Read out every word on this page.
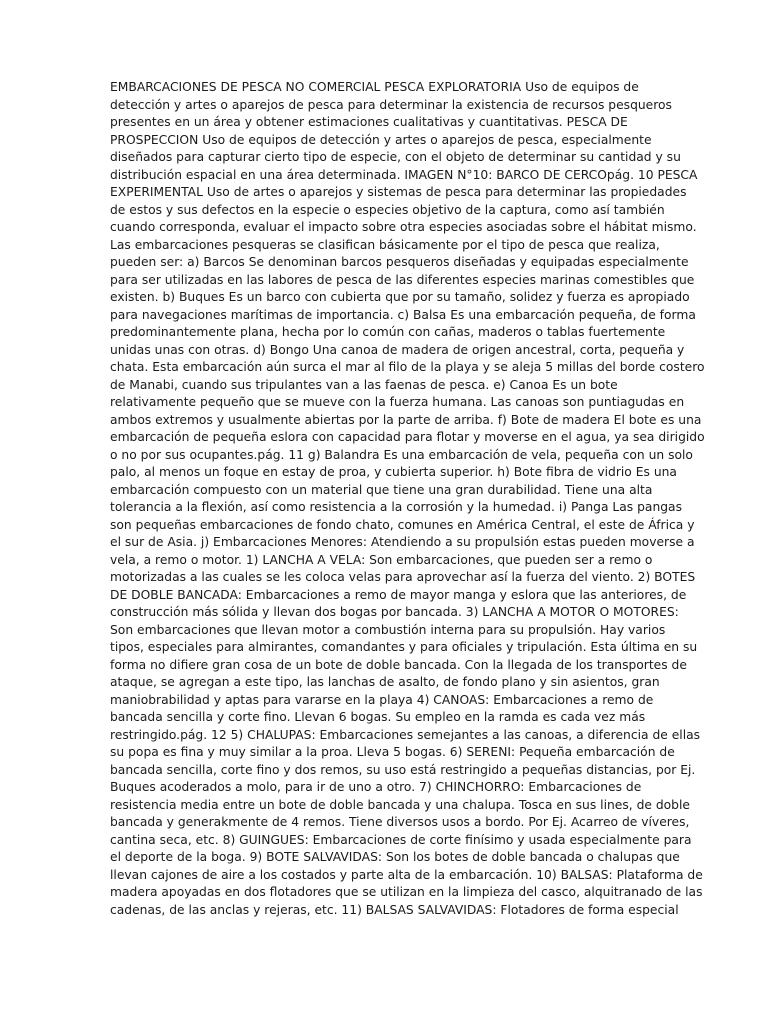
EMBARCACIONES DE PESCA NO COMERCIAL PESCA EXPLORATORIA Uso de equipos de
detección y artes o aparejos de pesca para determinar la existencia de recursos pesqueros
presentes en un área y obtener estimaciones cualitativas y cuantitativas. PESCA DE
PROSPECCION Uso de equipos de detección y artes o aparejos de pesca, especialmente
diseñados para capturar cierto tipo de especie, con el objeto de determinar su cantidad y su
distribución espacial en una área determinada. IMAGEN N°10: BARCO DE CERCOpág. 10 PESCA
EXPERIMENTAL Uso de artes o aparejos y sistemas de pesca para determinar las propiedades
de estos y sus defectos en la especie o especies objetivo de la captura, como así también
cuando corresponda, evaluar el impacto sobre otra especies asociadas sobre el hábitat mismo.
Las embarcaciones pesqueras se clasifican básicamente por el tipo de pesca que realiza,
pueden ser: a) Barcos Se denominan barcos pesqueros diseñadas y equipadas especialmente
para ser utilizadas en las labores de pesca de las diferentes especies marinas comestibles que
existen. b) Buques Es un barco con cubierta que por su tamaño, solidez y fuerza es apropiado
para navegaciones marítimas de importancia. c) Balsa Es una embarcación pequeña, de forma
predominantemente plana, hecha por lo común con cañas, maderos o tablas fuertemente
unidas unas con otras. d) Bongo Una canoa de madera de origen ancestral, corta, pequeña y
chata. Esta embarcación aún surca el mar al filo de la playa y se aleja 5 millas del borde costero
de Manabi, cuando sus tripulantes van a las faenas de pesca. e) Canoa Es un bote
relativamente pequeño que se mueve con la fuerza humana. Las canoas son puntiagudas en
ambos extremos y usualmente abiertas por la parte de arriba. f) Bote de madera El bote es una
embarcación de pequeña eslora con capacidad para flotar y moverse en el agua, ya sea dirigido
o no por sus ocupantes.pág. 11 g) Balandra Es una embarcación de vela, pequeña con un solo
palo, al menos un foque en estay de proa, y cubierta superior. h) Bote fibra de vidrio Es una
embarcación compuesto con un material que tiene una gran durabilidad. Tiene una alta
tolerancia a la flexión, así como resistencia a la corrosión y la humedad. i) Panga Las pangas
son pequeñas embarcaciones de fondo chato, comunes en América Central, el este de África y
el sur de Asia. j) Embarcaciones Menores: Atendiendo a su propulsión estas pueden moverse a
vela, a remo o motor. 1) LANCHA A VELA: Son embarcaciones, que pueden ser a remo o
motorizadas a las cuales se les coloca velas para aprovechar así la fuerza del viento. 2) BOTES
DE DOBLE BANCADA: Embarcaciones a remo de mayor manga y eslora que las anteriores, de
construcción más sólida y llevan dos bogas por bancada. 3) LANCHA A MOTOR O MOTORES:
Son embarcaciones que llevan motor a combustión interna para su propulsión. Hay varios
tipos, especiales para almirantes, comandantes y para oficiales y tripulación. Esta última en su
forma no difiere gran cosa de un bote de doble bancada. Con la llegada de los transportes de
ataque, se agregan a este tipo, las lanchas de asalto, de fondo plano y sin asientos, gran
maniobrabilidad y aptas para vararse en la playa 4) CANOAS: Embarcaciones a remo de
bancada sencilla y corte fino. Llevan 6 bogas. Su empleo en la ramda es cada vez más
restringido.pág. 12 5) CHALUPAS: Embarcaciones semejantes a las canoas, a diferencia de ellas
su popa es fina y muy similar a la proa. Lleva 5 bogas. 6) SERENI: Pequeña embarcación de
bancada sencilla, corte fino y dos remos, su uso está restringido a pequeñas distancias, por Ej.
Buques acoderados a molo, para ir de uno a otro. 7) CHINCHORRO: Embarcaciones de
resistencia media entre un bote de doble bancada y una chalupa. Tosca en sus lines, de doble
bancada y generakmente de 4 remos. Tiene diversos usos a bordo. Por Ej. Acarreo de víveres,
cantina seca, etc. 8) GUINGUES: Embarcaciones de corte finísimo y usada especialmente para
el deporte de la boga. 9) BOTE SALVAVIDAS: Son los botes de doble bancada o chalupas que
llevan cajones de aire a los costados y parte alta de la embarcación. 10) BALSAS: Plataforma de
madera apoyadas en dos flotadores que se utilizan en la limpieza del casco, alquitranado de las
cadenas, de las anclas y rejeras, etc. 11) BALSAS SALVAVIDAS: Flotadores de forma especial
